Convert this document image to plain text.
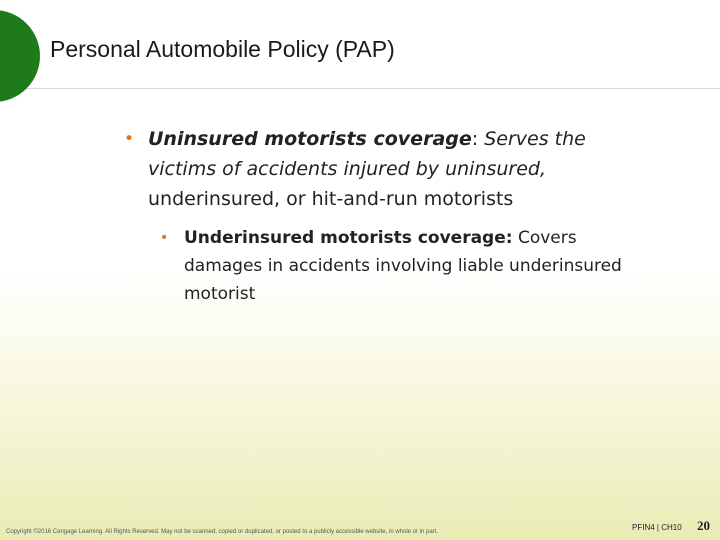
Personal Automobile Policy (PAP)
• Uninsured motorists coverage: Serves the victims of accidents injured by uninsured, underinsured, or hit-and-run motorists
• Underinsured motorists coverage: Covers damages in accidents involving liable underinsured motorist
Copyright ©2016 Cengage Learning. All Rights Reserved. May not be scanned, copied or duplicated, or posted to a publicly accessible website, in whole or in part.	PFIN4 | CH10 20
